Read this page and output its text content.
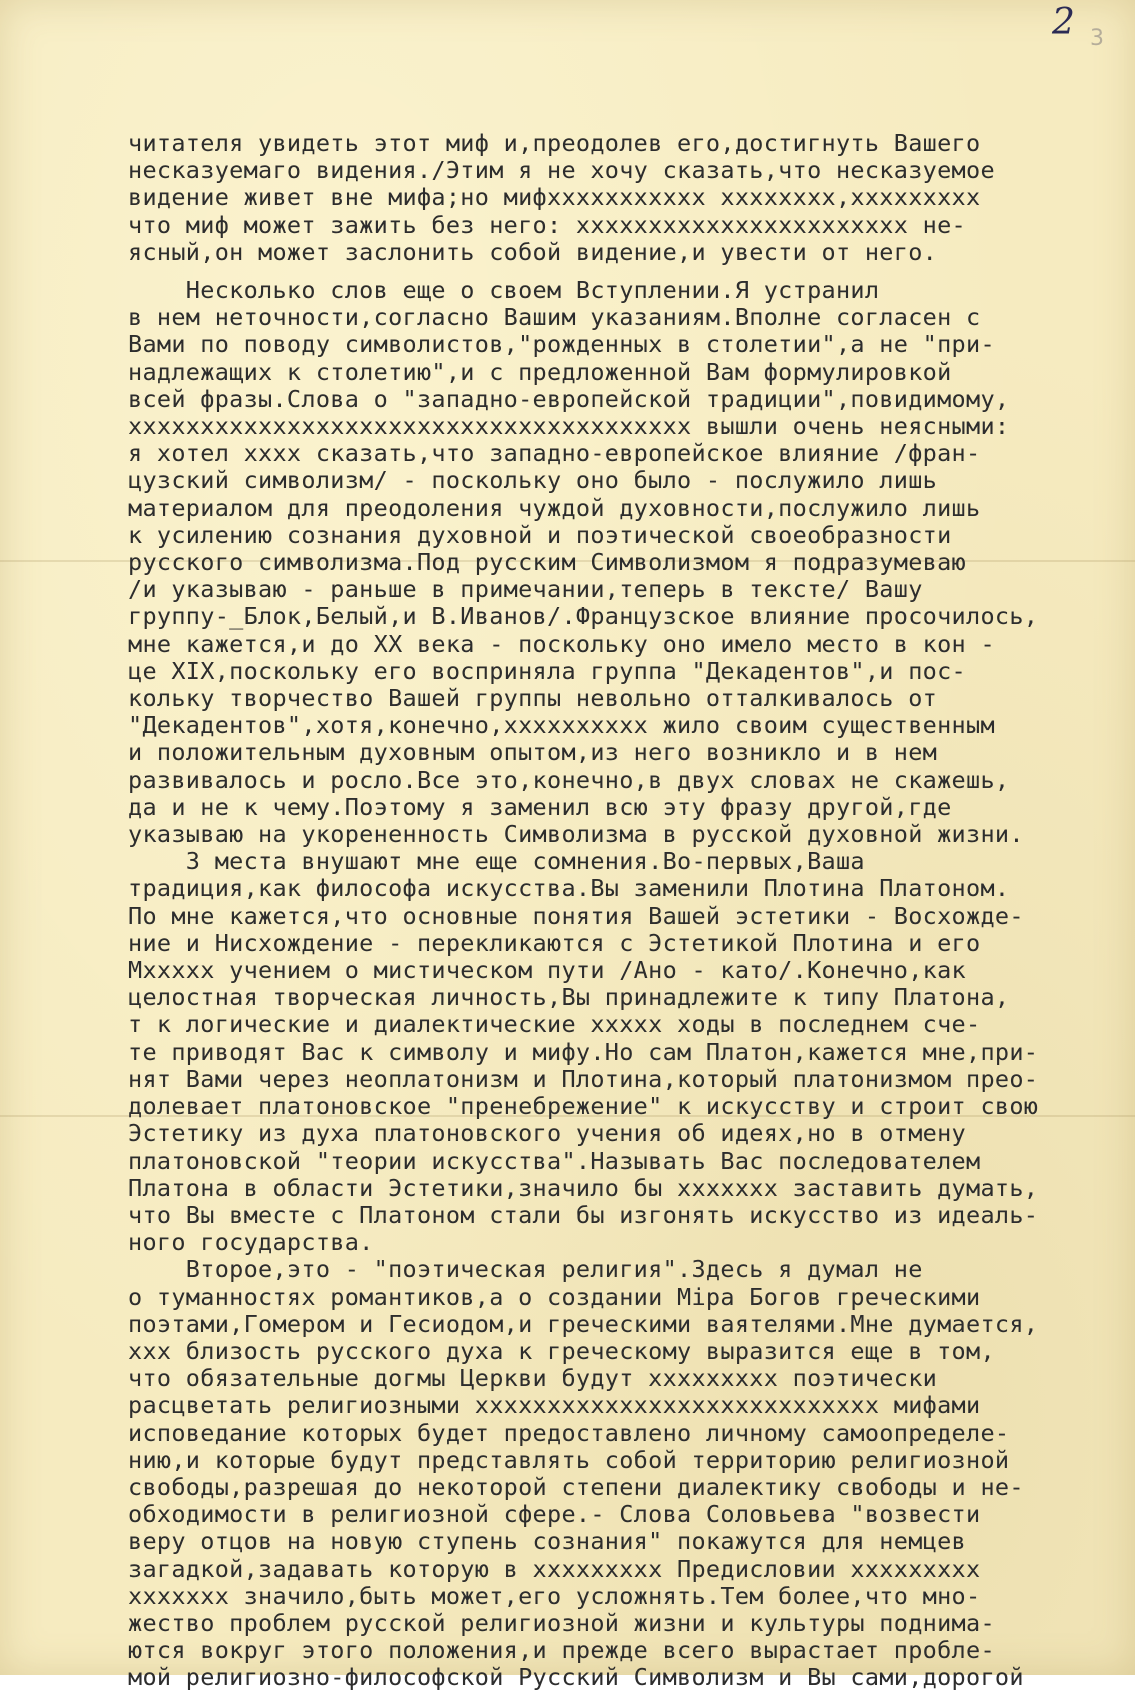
2 3

читателя увидеть этот миф и,преодолев его,достигнуть Вашего
несказуемаго видения./Этим я не хочу сказать,что несказуемое
видение живет вне мифа;но мифxxxxxxxxxxx xxxxxxxx,xxxxxxxxx
что миф может зажить без него: xxxxxxxxxxxxxxxxxxxxxxx не-
ясный,он может заслонить собой видение,и увести от него.

Несколько слов еще о своем Вступлении.Я устранил
в нем неточности,согласно Вашим указаниям.Вполне согласен с
Вами по поводу символистов,"рожденных в столетии",а не "при-
надлежащих к столетию",и с предложенной Вам формулировкой
всей фразы.Слова о "западно-европейской традиции",повидимому,
xxxxxxxxxxxxxxxxxxxxxxxxxxxxxxxxxxxxxxx вышли очень неясными:
я хотел xxxx сказать,что западно-европейское влияние /фран-
цузский символизм/ - поскольку оно было - послужило лишь
материалом для преодоления чуждой духовности,послужило лишь
к усилению сознания духовной и поэтической своеобразности
русского символизма.Под русским Символизмом я подразумеваю
/и указываю - раньше в примечании,теперь в тексте/ Вашу
группу-_Блок,Белый,и В.Иванов/.Французское влияние просочилось,
мне кажется,и до XX века - поскольку оно имело место в кон -
це XIX,поскольку его восприняла группа "Декадентов",и пос-
кольку творчество Вашей группы невольно отталкивалось от
"Декадентов",хотя,конечно,xxxxxxxxxx жило своим существенным
и положительным духовным опытом,из него возникло и в нем
развивалось и росло.Все это,конечно,в двух словах не скажешь,
да и не к чему.Поэтому я заменил всю эту фразу другой,где
указываю на укорененность Символизма в русской духовной жизни.
3 места внушают мне еще сомнения.Во-первых,Ваша
традиция,как философа искусства.Вы заменили Плотина Платоном.
По мне кажется,что основные понятия Вашей эстетики - Восхожде-
ние и Нисхождение - перекликаются с Эстетикой Плотина и его
Мxxxxx учением о мистическом пути /Ано - като/.Конечно,как
целостная творческая личность,Вы принадлежите к типу Платона,
т к логические и диалектические xxxxx ходы в последнем сче-
те приводят Вас к символу и мифу.Но сам Платон,кажется мне,при-
нят Вами через неоплатонизм и Плотина,который платонизмом прео-
долевает платоновское "пренебрежение" к искусству и строит свою
Эстетику из духа платоновского учения об идеях,но в отмену
платоновской "теории искусства".Называть Вас последователем
Платона в области Эстетики,значило бы xxxxxxx заставить думать,
что Вы вместе с Платоном стали бы изгонять искусство из идеаль-
ного государства.
Второе,это - "поэтическая религия".Здесь я думал не
о туманностях романтиков,а о создании Міра Богов греческими
поэтами,Гомером и Гесиодом,и греческими ваятелями.Мне думается,
xxx близость русского духа к греческому выразится еще в том,
что обязательные догмы Церкви будут xxxxxxxxx поэтически
расцветать религиозными xxxxxxxxxxxxxxxxxxxxxxxxxxxx мифами
исповедание которых будет предоставлено личному самоопределе-
нию,и которые будут представлять собой территорию религиозной
свободы,разрешая до некоторой степени диалектику свободы и не-
обходимости в религиозной сфере.- Слова Соловьева "возвести
веру отцов на новую ступень сознания" покажутся для немцев
загадкой,задавать которую в xxxxxxxxx Предисловии xxxxxxxxx
xxxxxxx значило,быть может,его усложнять.Тем более,что мно-
жество проблем русской религиозной жизни и культуры поднима-
ются вокруг этого положения,и прежде всего вырастает пробле-
мой религиозно-философской Русский Символизм и Вы сами,дорогой
